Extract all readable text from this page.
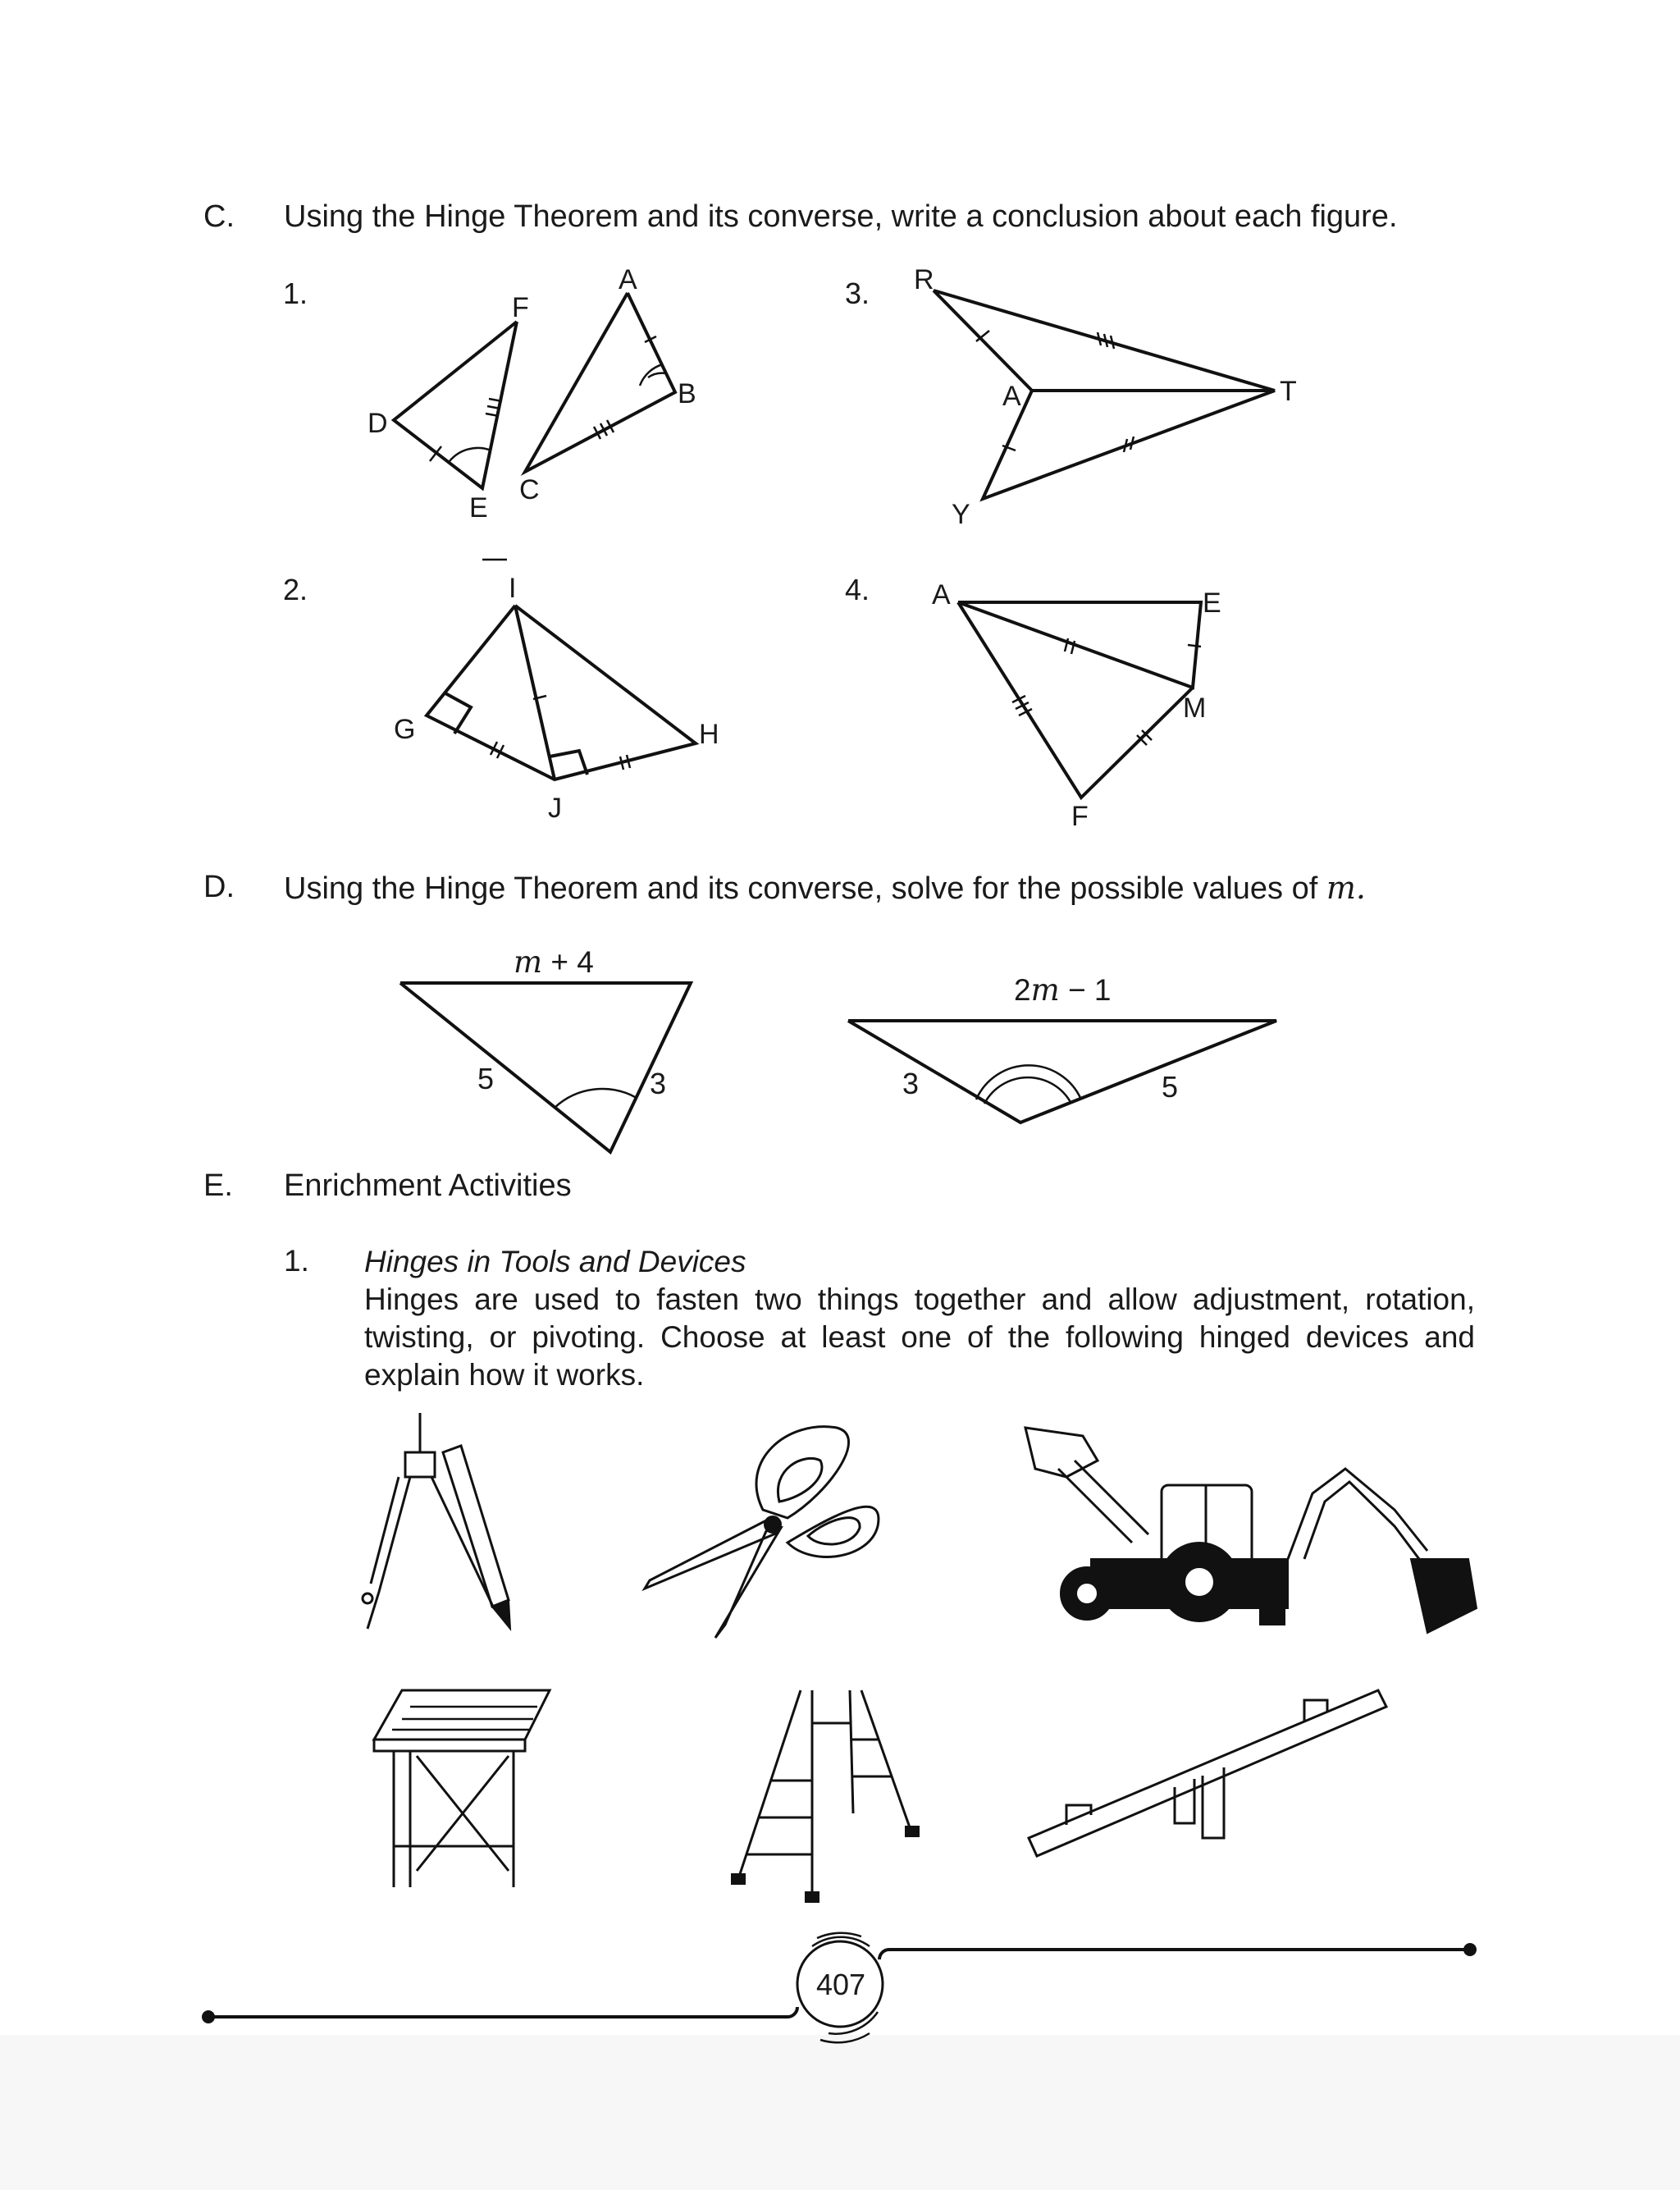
C. Using the Hinge Theorem and its converse, write a conclusion about each figure.
1.	3.
2.	4.
F
D
E
A
B
C
R
A	T
Y
I
G	H
J
A	E
M
F
D. Using the Hinge Theorem and its converse, solve for the possible values of m.
m + 4
5	3
2m − 1
3	5
E. Enrichment Activities
1. Hinges in Tools and Devices
Hinges are used to fasten two things together and allow adjustment, rotation, twisting, or pivoting. Choose at least one of the following hinged devices and explain how it works.
407
